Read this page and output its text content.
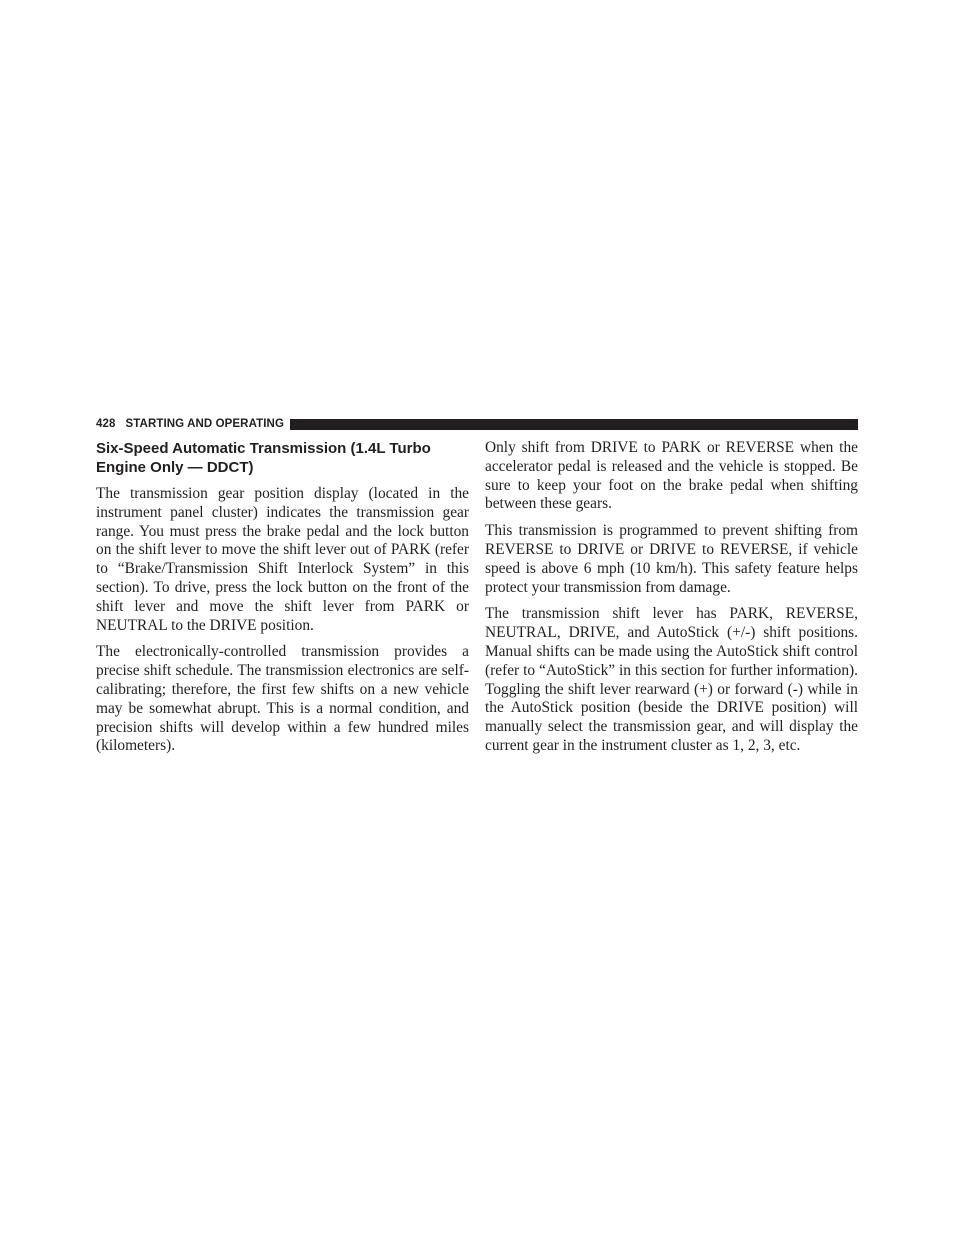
428 STARTING AND OPERATING
Six-Speed Automatic Transmission (1.4L Turbo Engine Only — DDCT)

The transmission gear position display (located in the instrument panel cluster) indicates the transmission gear range. You must press the brake pedal and the lock button on the shift lever to move the shift lever out of PARK (refer to “Brake/Transmission Shift Interlock System” in this section). To drive, press the lock button on the front of the shift lever and move the shift lever from PARK or NEUTRAL to the DRIVE position.

The electronically-controlled transmission provides a precise shift schedule. The transmission electronics are self-calibrating; therefore, the first few shifts on a new vehicle may be somewhat abrupt. This is a normal condition, and precision shifts will develop within a few hundred miles (kilometers).

Only shift from DRIVE to PARK or REVERSE when the accelerator pedal is released and the vehicle is stopped. Be sure to keep your foot on the brake pedal when shifting between these gears.

This transmission is programmed to prevent shifting from REVERSE to DRIVE or DRIVE to REVERSE, if vehicle speed is above 6 mph (10 km/h). This safety feature helps protect your transmission from damage.

The transmission shift lever has PARK, REVERSE, NEUTRAL, DRIVE, and AutoStick (+/-) shift positions. Manual shifts can be made using the AutoStick shift control (refer to “AutoStick” in this section for further information). Toggling the shift lever rearward (+) or forward (-) while in the AutoStick position (beside the DRIVE position) will manually select the transmission gear, and will display the current gear in the instrument cluster as 1, 2, 3, etc.
